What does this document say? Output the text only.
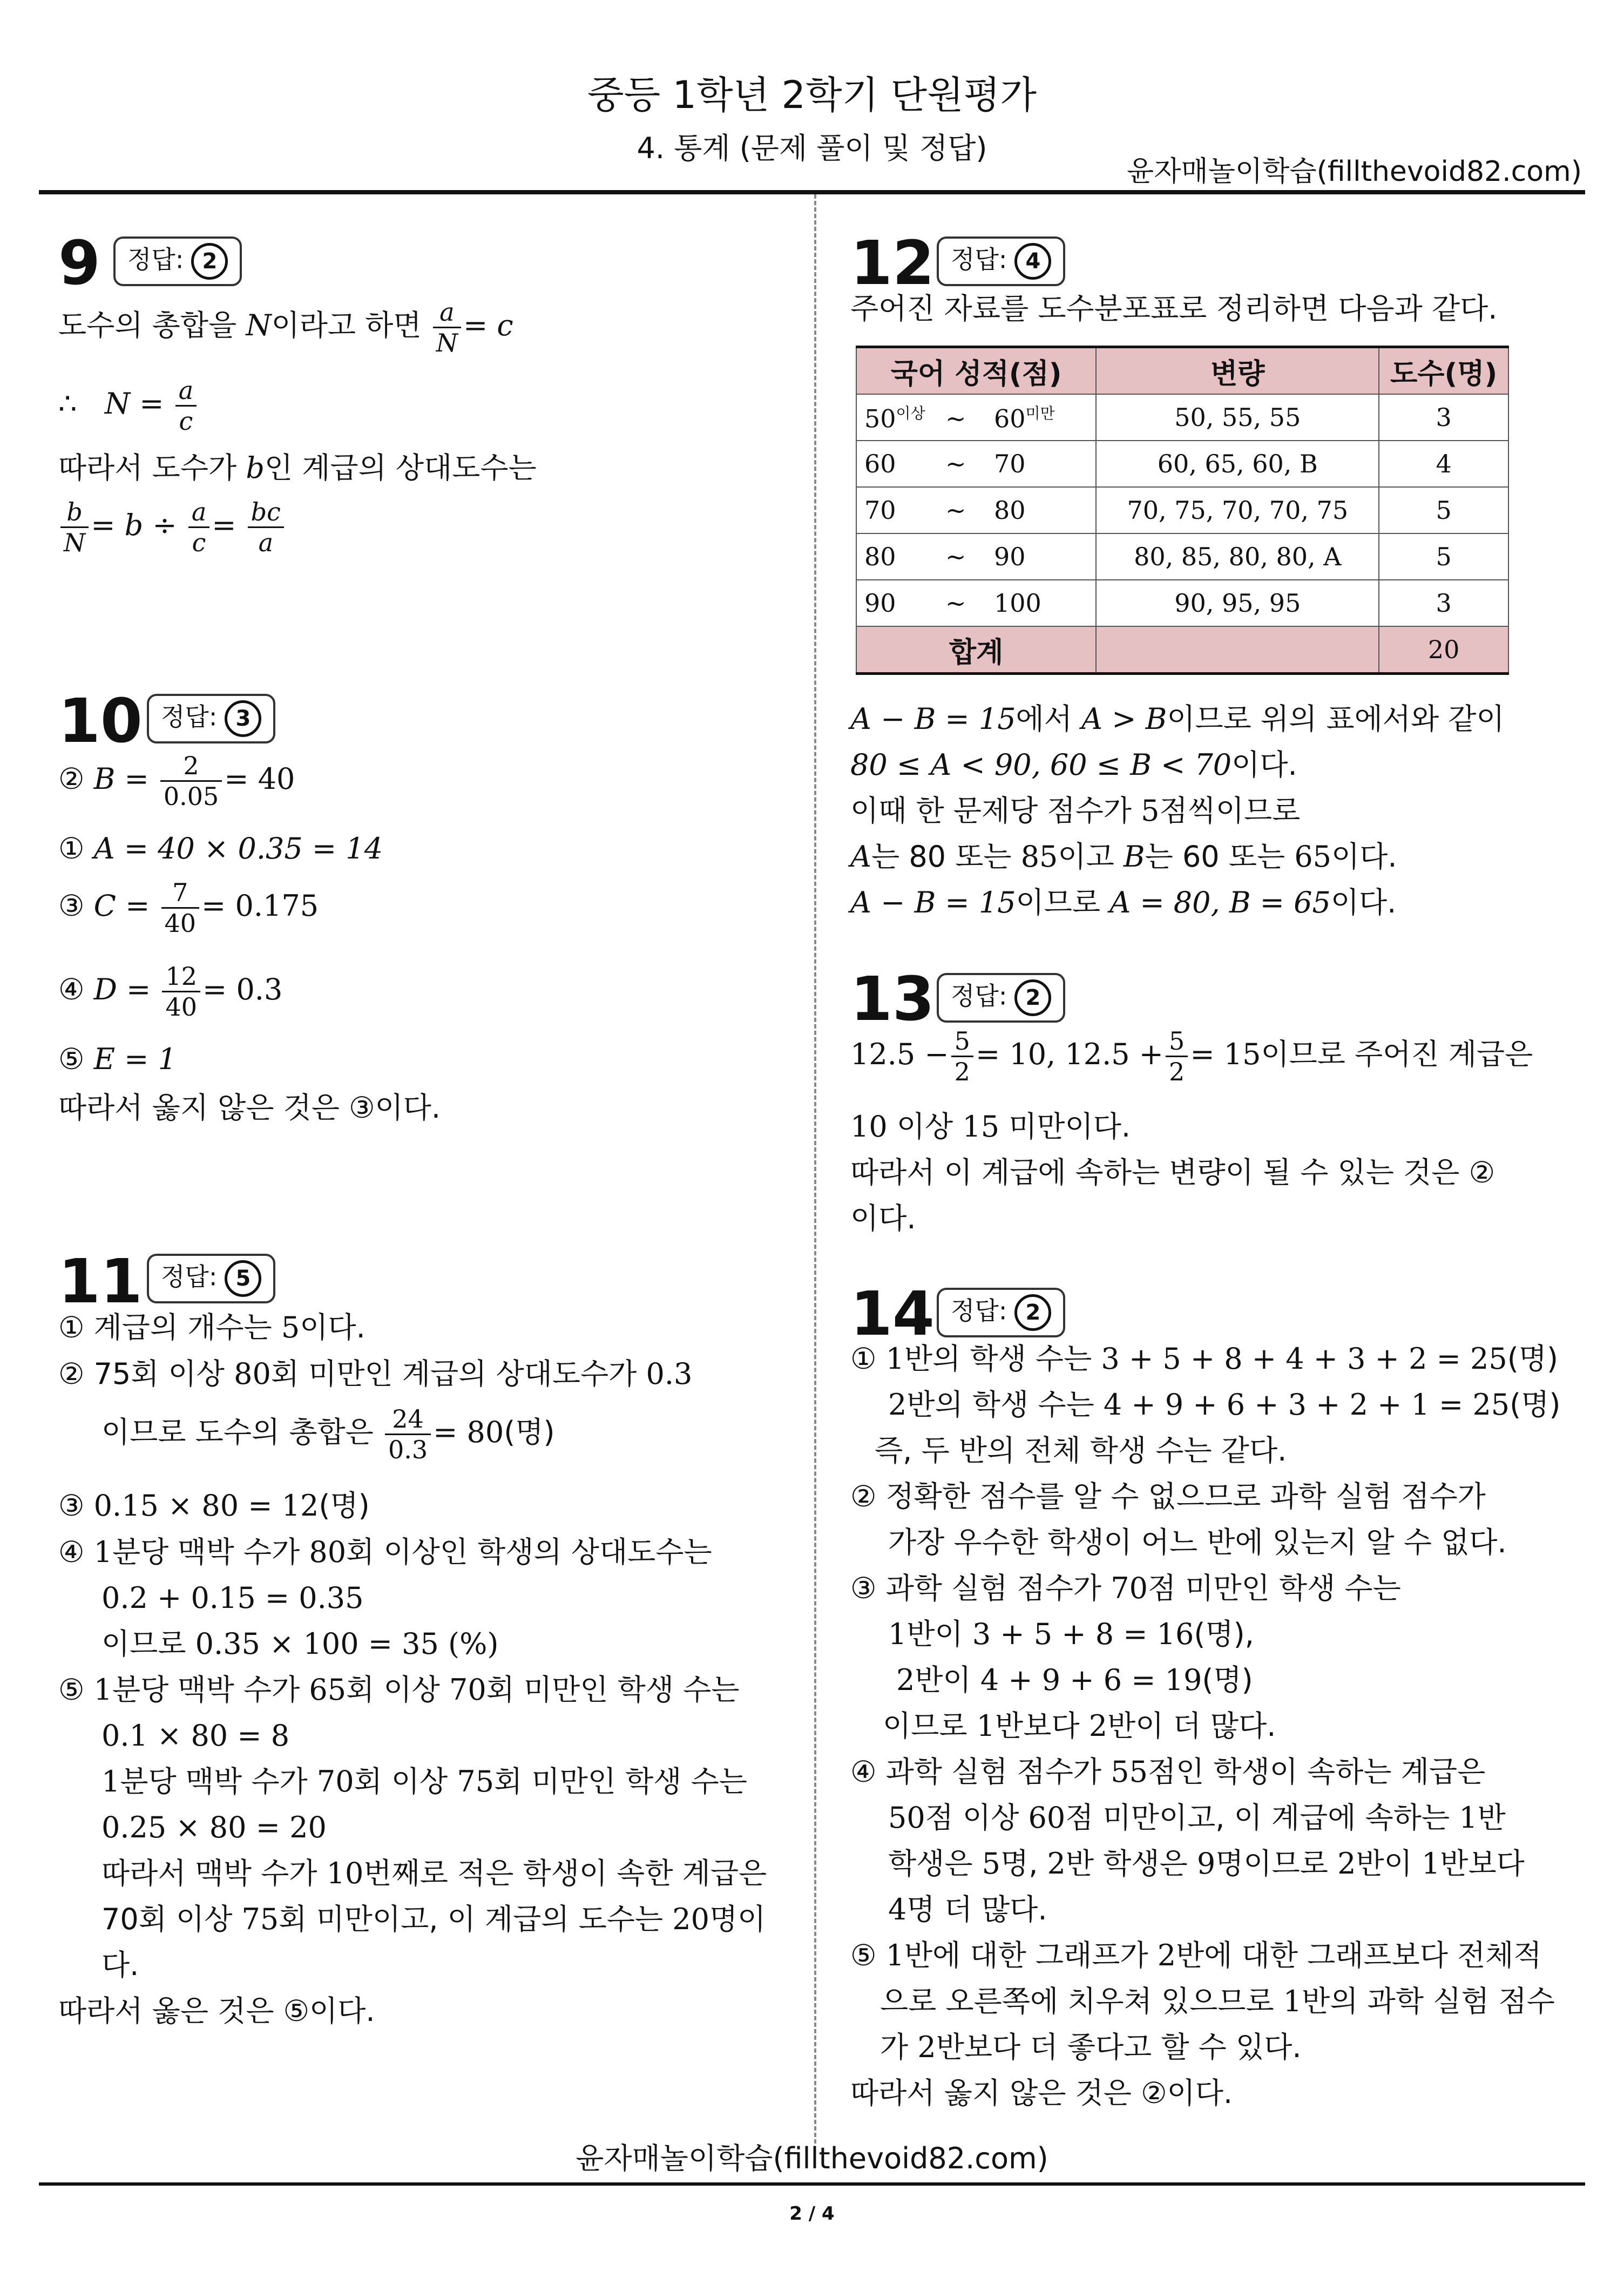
중등 1학년 2학기 단원평가
4. 통계 (문제 풀이 및 정답)
윤자매놀이학습(fillthevoid82.com)
9	정답: 2
도수의 총합을 N이라고 하면 $\frac{a}{N} = c$
∴ $N = \frac{a}{c}$
따라서 도수가 b인 계급의 상대도수는
$\frac{b}{N} = b \div \frac{a}{c} = \frac{bc}{a}$
10 정답: 3
② $B = \frac{2}{0.05} = 40$
① A = 40 × 0.35 = 14
③ $C = \frac{7}{40} = 0.175$
④ $D = \frac{12}{40} = 0.3$
⑤ E = 1
따라서 옳지 않은 것은 ③이다.
11 정답: 5
① 계급의 개수는 5이다.
② 75회 이상 80회 미만인 계급의 상대도수가 0.3
이므로 도수의 총합은 $\frac{24}{0.3} = 80$(명)
③ 0.15 × 80 = 12(명)
④ 1분당 맥박 수가 80회 이상인 학생의 상대도수는
0.2 + 0.15 = 0.35
이므로 0.35 × 100 = 35 (%)
⑤ 1분당 맥박 수가 65회 이상 70회 미만인 학생 수는
0.1 × 80 = 8
1분당 맥박 수가 70회 이상 75회 미만인 학생 수는
0.25 × 80 = 20
따라서 맥박 수가 10번째로 적은 학생이 속한 계급은
70회 이상 75회 미만이고, 이 계급의 도수는 20명이
다.
따라서 옳은 것은 ⑤이다.
12 정답: 4
주어진 자료를 도수분포표로 정리하면 다음과 같다.
국어 성적(점)	변량	도수(명)
$50^{이상}$ ~ $60^{미만}$	50, 55, 55	3
60 ~ 70	60, 65, 60, B	4
70 ~ 80	70, 75, 70, 70, 75	5
80 ~ 90	80, 85, 80, 80, A	5
90 ~ 100	90, 95, 95	3
합계		20
A − B = 15에서 A > B이므로 위의 표에서와 같이
80 ≤ A < 90, 60 ≤ B < 70이다.
이때 한 문제당 점수가 5점씩이므로
A는 80 또는 85이고 B는 60 또는 65이다.
A − B = 15이므로 A = 80, B = 65이다.
13 정답: 2
$12.5 - \frac{5}{2} = 10$, $12.5 + \frac{5}{2} = 15$이므로 주어진 계급은
10 이상 15 미만이다.
따라서 이 계급에 속하는 변량이 될 수 있는 것은 ②
이다.
14 정답: 2
① 1반의 학생 수는 3 + 5 + 8 + 4 + 3 + 2 = 25(명)
2반의 학생 수는 4 + 9 + 6 + 3 + 2 + 1 = 25(명)
즉, 두 반의 전체 학생 수는 같다.
② 정확한 점수를 알 수 없으므로 과학 실험 점수가
가장 우수한 학생이 어느 반에 있는지 알 수 없다.
③ 과학 실험 점수가 70점 미만인 학생 수는
1반이 3 + 5 + 8 = 16(명),
2반이 4 + 9 + 6 = 19(명)
이므로 1반보다 2반이 더 많다.
④ 과학 실험 점수가 55점인 학생이 속하는 계급은
50점 이상 60점 미만이고, 이 계급에 속하는 1반
학생은 5명, 2반 학생은 9명이므로 2반이 1반보다
4명 더 많다.
⑤ 1반에 대한 그래프가 2반에 대한 그래프보다 전체적
으로 오른쪽에 치우쳐 있으므로 1반의 과학 실험 점수
가 2반보다 더 좋다고 할 수 있다.
따라서 옳지 않은 것은 ②이다.
윤자매놀이학습(fillthevoid82.com)
2 / 4
